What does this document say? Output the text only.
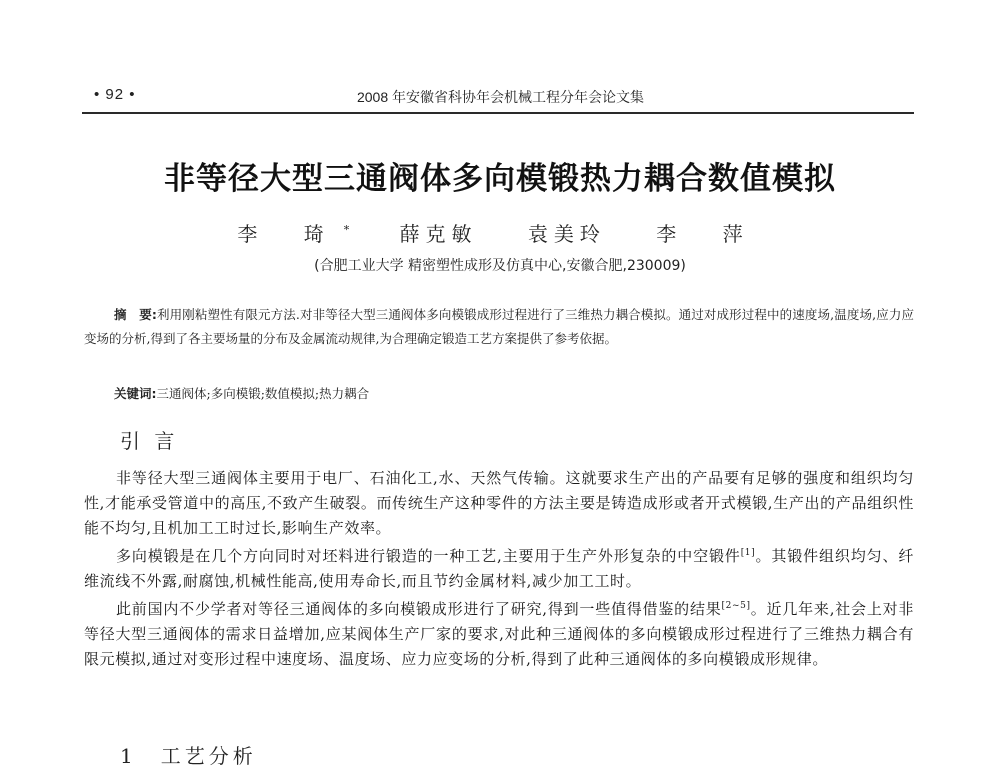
• 92 •	2008 年安徽省科协年会机械工程分年会论文集
非等径大型三通阀体多向模锻热力耦合数值模拟
李 琦*	薛克敏	袁美玲	李 萍
(合肥工业大学 精密塑性成形及仿真中心,安徽合肥,230009)
摘　要:利用刚粘塑性有限元方法.对非等径大型三通阀体多向模锻成形过程进行了三维热力耦合模拟。通过对成形过程中的速度场,温度场,应力应变场的分析,得到了各主要场量的分布及金属流动规律,为合理确定锻造工艺方案提供了参考依据。
关键词:三通阀体;多向模锻;数值模拟;热力耦合
引 言

非等径大型三通阀体主要用于电厂、石油化工,水、天然气传输。这就要求生产出的产品要有足够的强度和组织均匀性,才能承受管道中的高压,不致产生破裂。而传统生产这种零件的方法主要是铸造成形或者开式模锻,生产出的产品组织性能不均匀,且机加工工时过长,影响生产效率。

多向模锻是在几个方向同时对坯料进行锻造的一种工艺,主要用于生产外形复杂的中空锻件[1]。其锻件组织均匀、纤维流线不外露,耐腐蚀,机械性能高,使用寿命长,而且节约金属材料,减少加工工时。

此前国内不少学者对等径三通阀体的多向模锻成形进行了研究,得到一些值得借鉴的结果[2~5]。近几年来,社会上对非等径大型三通阀体的需求日益增加,应某阀体生产厂家的要求,对此种三通阀体的多向模锻成形过程进行了三维热力耦合有限元模拟,通过对变形过程中速度场、温度场、应力应变场的分析,得到了此种三通阀体的多向模锻成形规律。

1　工艺分析
